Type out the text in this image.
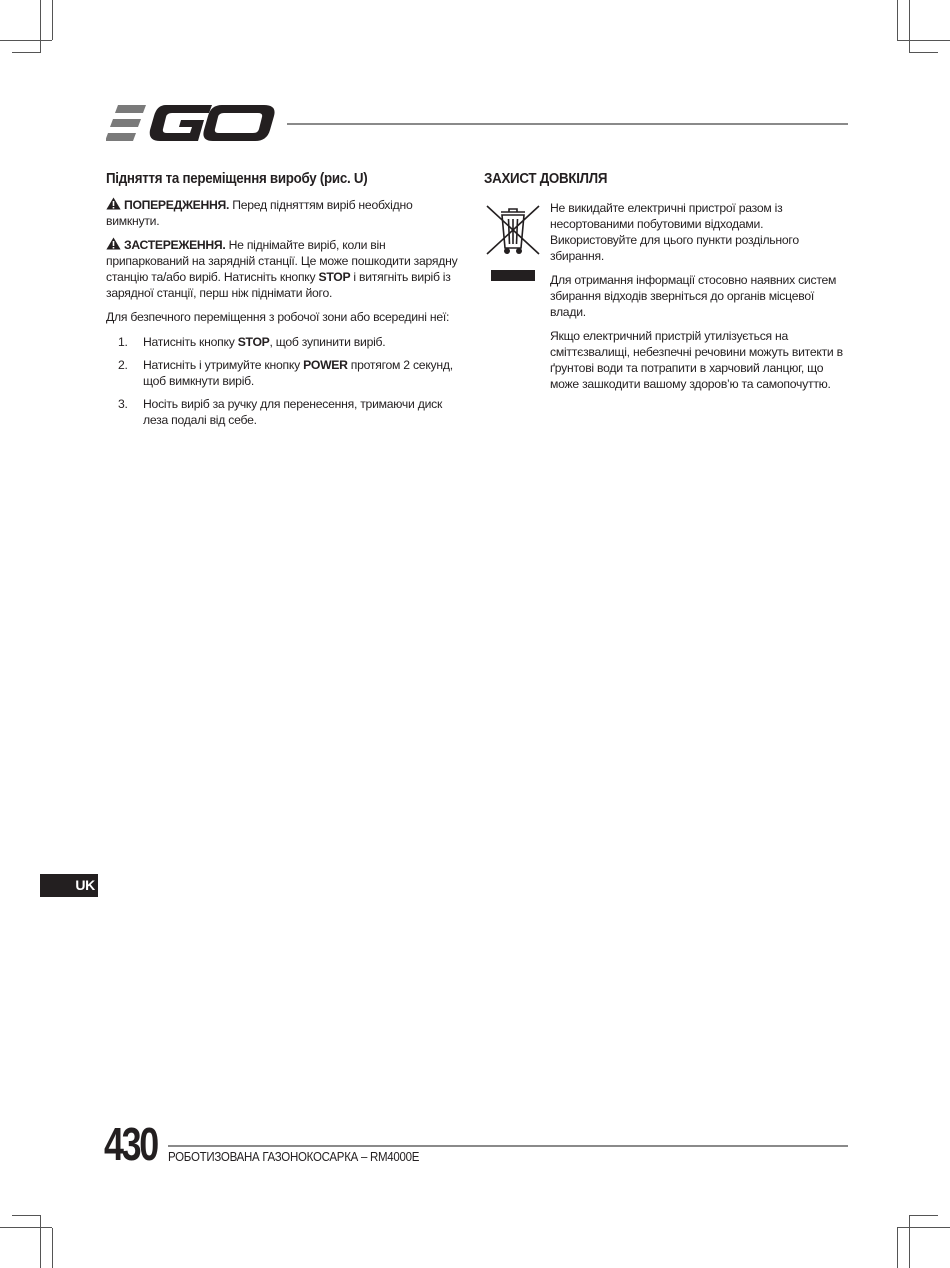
Підняття та переміщення виробу (рис. U)

ПОПЕРЕДЖЕННЯ. Перед підняттям виріб необхідно вимкнути.

ЗАСТЕРЕЖЕННЯ. Не піднімайте виріб, коли він припаркований на зарядній станції. Це може пошкодити зарядну станцію та/або виріб. Натисніть кнопку STOP і витягніть виріб із зарядної станції, перш ніж піднімати його.

Для безпечного переміщення з робочої зони або всередині неї:

1. Натисніть кнопку STOP, щоб зупинити виріб.
2. Натисніть і утримуйте кнопку POWER протягом 2 секунд, щоб вимкнути виріб.
3. Носіть виріб за ручку для перенесення, тримаючи диск леза подалі від себе.
ЗАХИСТ ДОВКІЛЛЯ

Не викидайте електричні пристрої разом із несортованими побутовими відходами. Використовуйте для цього пункти роздільного збирання.

Для отримання інформації стосовно наявних систем збирання відходів зверніться до органів місцевої влади.

Якщо електричний пристрій утилізується на сміттєзвалищі, небезпечні речовини можуть витекти в ґрунтові води та потрапити в харчовий ланцюг, що може зашкодити вашому здоров’ю та самопочуттю.

UK
430 РОБОТИЗОВАНА ГАЗОНОКОСАРКА – RM4000E
